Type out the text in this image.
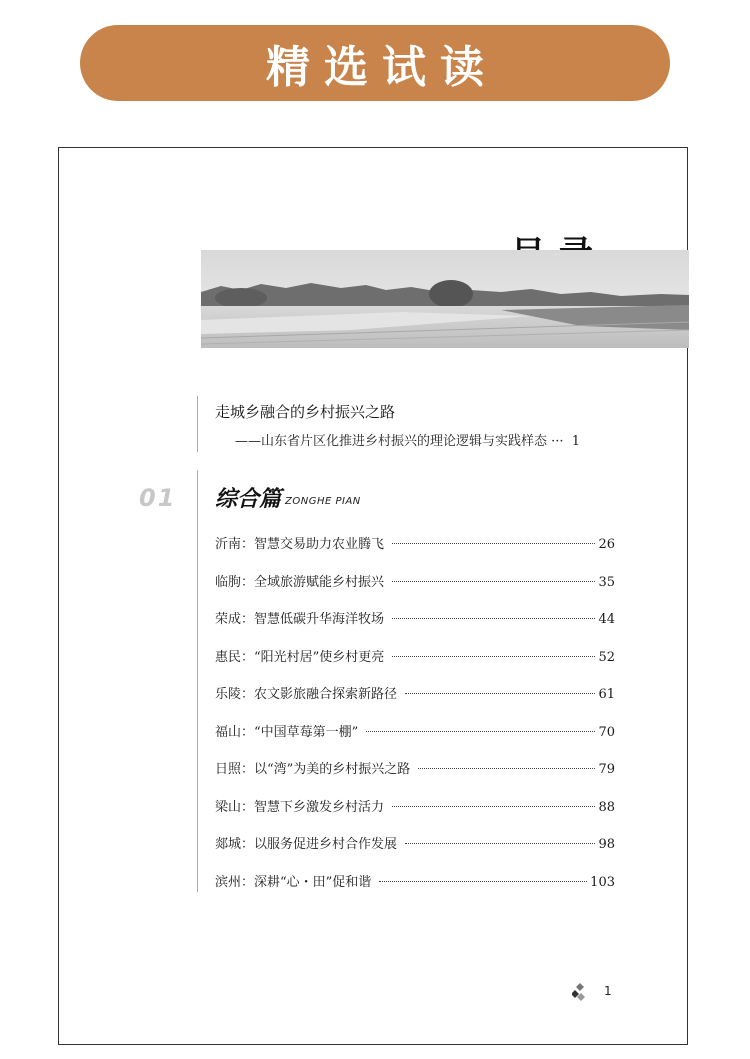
精选试读
走城乡融合的乡村振兴之路
——山东省片区化推进乡村振兴的理论逻辑与实践样态 ··· 1
01 综合篇 ZONGHE PIAN
沂南：智慧交易助力农业腾飞	26
临朐：全域旅游赋能乡村振兴	35
荣成：智慧低碳升华海洋牧场	44
惠民：“阳光村居”使乡村更亮	52
乐陵：农文影旅融合探索新路径	61
福山：“中国草莓第一棚”	70
日照：以“湾”为美的乡村振兴之路	79
梁山：智慧下乡激发乡村活力	88
郯城：以服务促进乡村合作发展	98
滨州：深耕“心・田”促和谐	103
1
